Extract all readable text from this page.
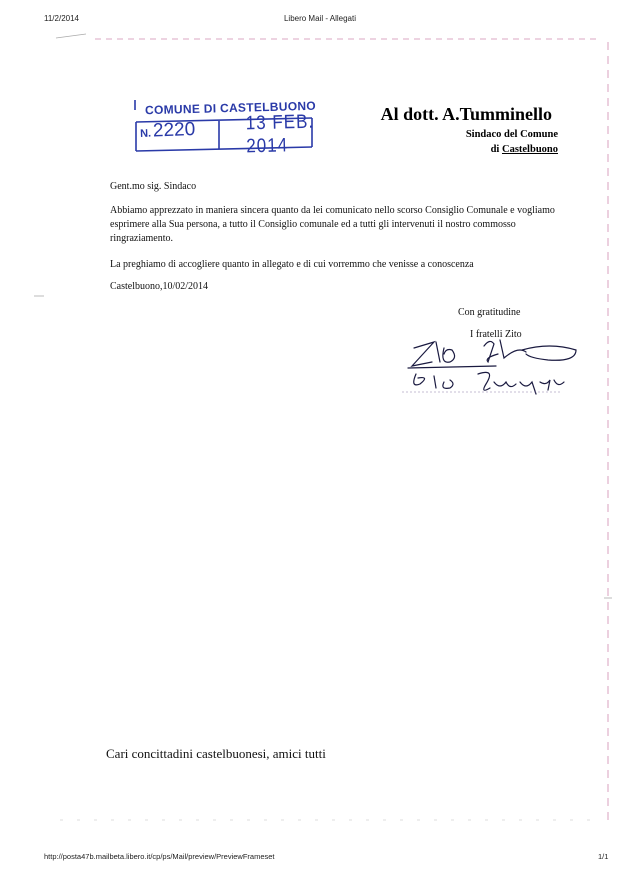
11/2/2014	Libero Mail - Allegati
COMUNE DI CASTELBUONO
N.2220	13 FEB. 2014
Al dott. A.Tumminello
Sindaco del Comune
di Castelbuono
Gent.mo sig. Sindaco
Abbiamo apprezzato in maniera sincera quanto da lei comunicato nello scorso Consiglio Comunale e vogliamo esprimere alla Sua persona, a tutto il Consiglio comunale ed a tutti gli intervenuti il nostro commosso ringraziamento.
La preghiamo di accogliere quanto in allegato e di cui vorremmo che venisse a conoscenza
Castelbuono,10/02/2014
Con gratitudine
I fratelli Zito
Cari concittadini castelbuonesi, amici tutti
http://posta47b.mailbeta.libero.it/cp/ps/Mail/preview/PreviewFrameset	1/1
